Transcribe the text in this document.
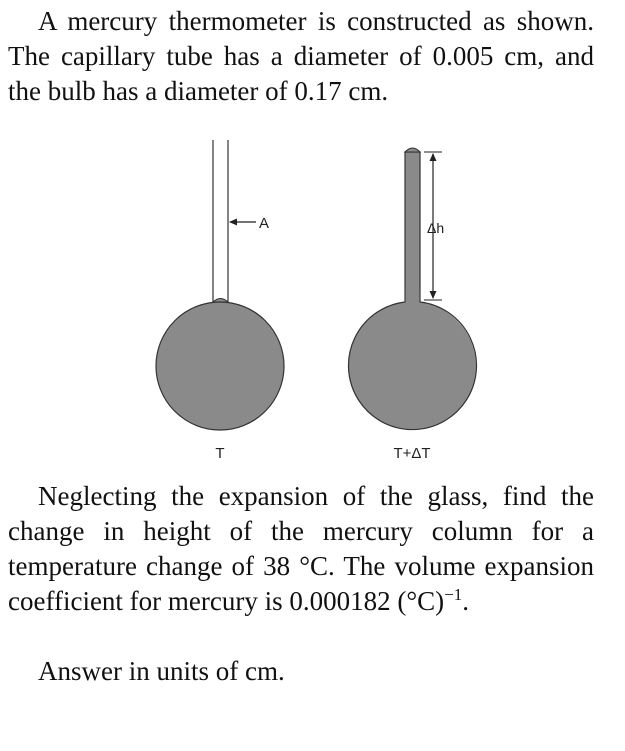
A mercury thermometer is constructed as shown. The capillary tube has a diameter of 0.005 cm, and the bulb has a diameter of 0.17 cm.

A
T
Δh
T+ΔT

Neglecting the expansion of the glass, find the change in height of the mercury column for a temperature change of 38 °C. The volume expansion coefficient for mercury is 0.000182 $(^\circ C)^{-1}$.

Answer in units of cm.
